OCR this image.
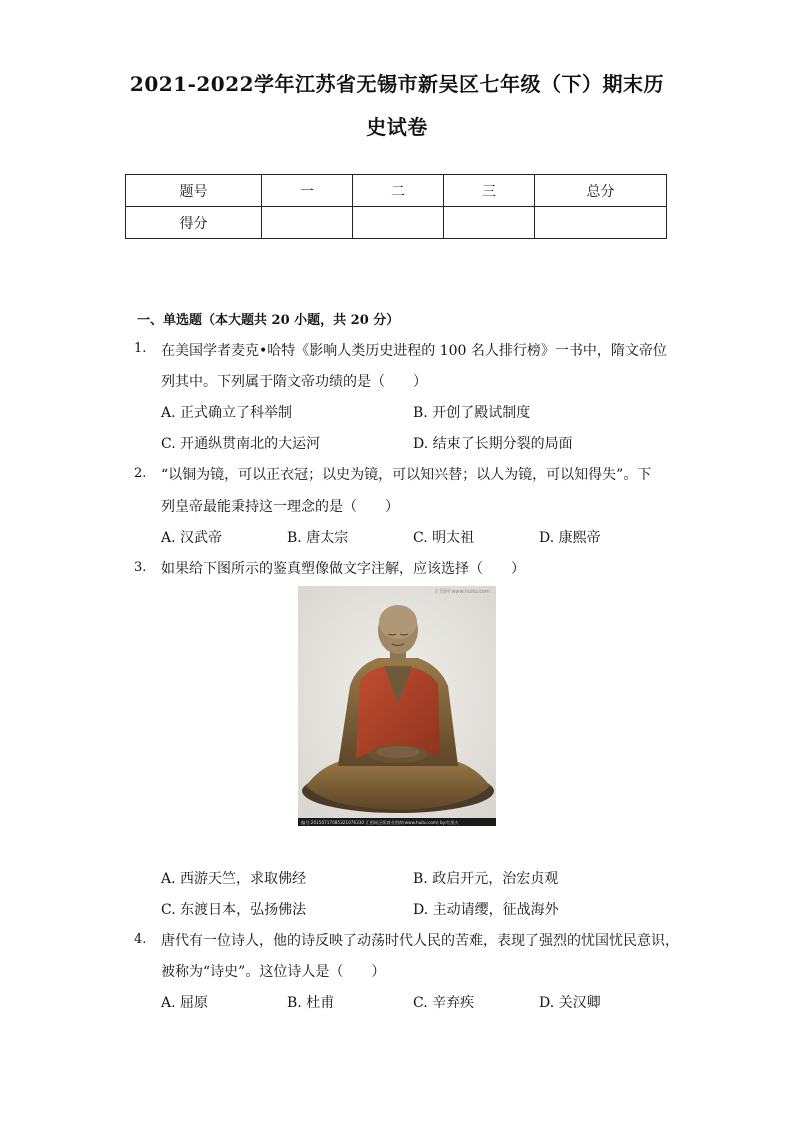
2021-2022学年江苏省无锡市新吴区七年级（下）期末历
史试卷
题号	一	二	三	总分
得分				
一、单选题（本大题共 20 小题，共 20 分）
1. 在美国学者麦克•哈特《影响人类历史进程的 100 名人排行榜》一书中，隋文帝位
列其中。下列属于隋文帝功绩的是（　　）
A. 正式确立了科举制	B. 开创了殿试制度
C. 开通纵贯南北的大运河	D. 结束了长期分裂的局面
2. “以铜为镜，可以正衣冠；以史为镜，可以知兴替；以人为镜，可以知得失”。下
列皇帝最能秉持这一理念的是（　　）
A. 汉武帝	B. 唐太宗	C. 明太祖	D. 康熙帝
3. 如果给下图所示的鉴真塑像做文字注解，应该选择（　　）
汇图网 www.huitu.com
编号:20150717085321076330 汇图网正版商业图库(www.huitu.com) by:红黑火
A. 西游天竺，求取佛经	B. 政启开元，治宏贞观
C. 东渡日本，弘扬佛法	D. 主动请缨，征战海外
4. 唐代有一位诗人，他的诗反映了动荡时代人民的苦难，表现了强烈的忧国忧民意识，
被称为“诗史”。这位诗人是（　　）
A. 屈原	B. 杜甫	C. 辛弃疾	D. 关汉卿
